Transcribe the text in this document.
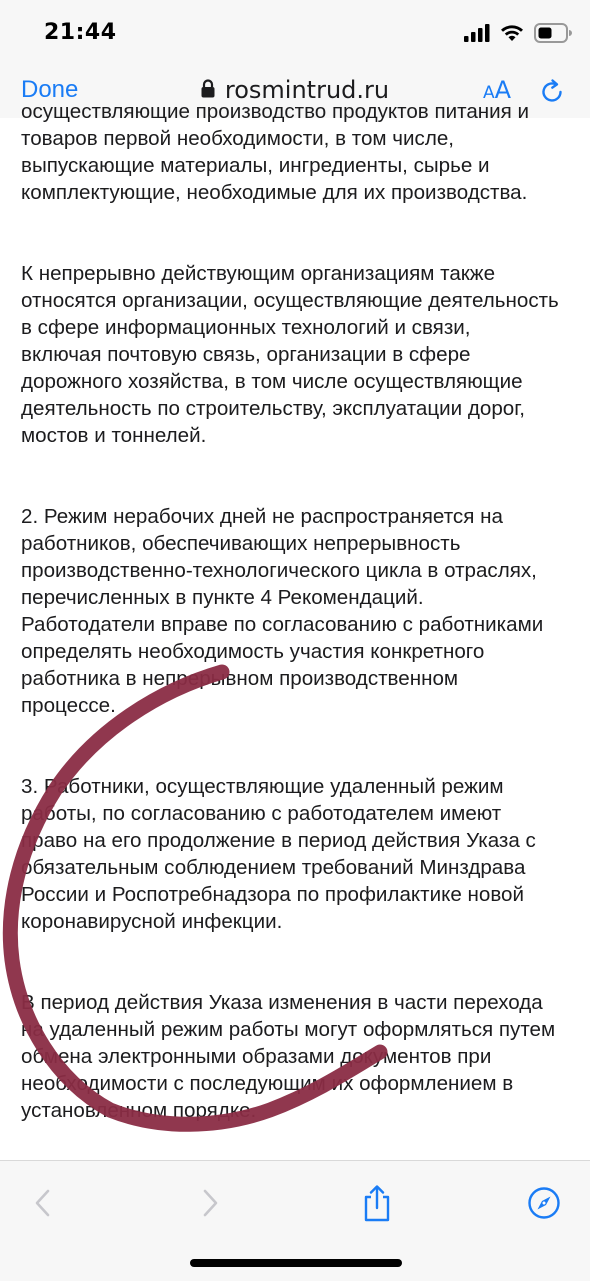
21:44
Done	rosmintrud.ru	AA

осуществляющие производство продуктов питания и
товаров первой необходимости, в том числе,
выпускающие материалы, ингредиенты, сырье и
комплектующие, необходимые для их производства.

К непрерывно действующим организациям также
относятся организации, осуществляющие деятельность
в сфере информационных технологий и связи,
включая почтовую связь, организации в сфере
дорожного хозяйства, в том числе осуществляющие
деятельность по строительству, эксплуатации дорог,
мостов и тоннелей.

2. Режим нерабочих дней не распространяется на
работников, обеспечивающих непрерывность
производственно-технологического цикла в отраслях,
перечисленных в пункте 4 Рекомендаций.
Работодатели вправе по согласованию с работниками
определять необходимость участия конкретного
работника в непрерывном производственном
процессе.

3. Работники, осуществляющие удаленный режим
работы, по согласованию с работодателем имеют
право на его продолжение в период действия Указа с
обязательным соблюдением требований Минздрава
России и Роспотребнадзора по профилактике новой
коронавирусной инфекции.

В период действия Указа изменения в части перехода
на удаленный режим работы могут оформляться путем
обмена электронными образами документов при
необходимости с последующим их оформлением в
установленном порядке.
